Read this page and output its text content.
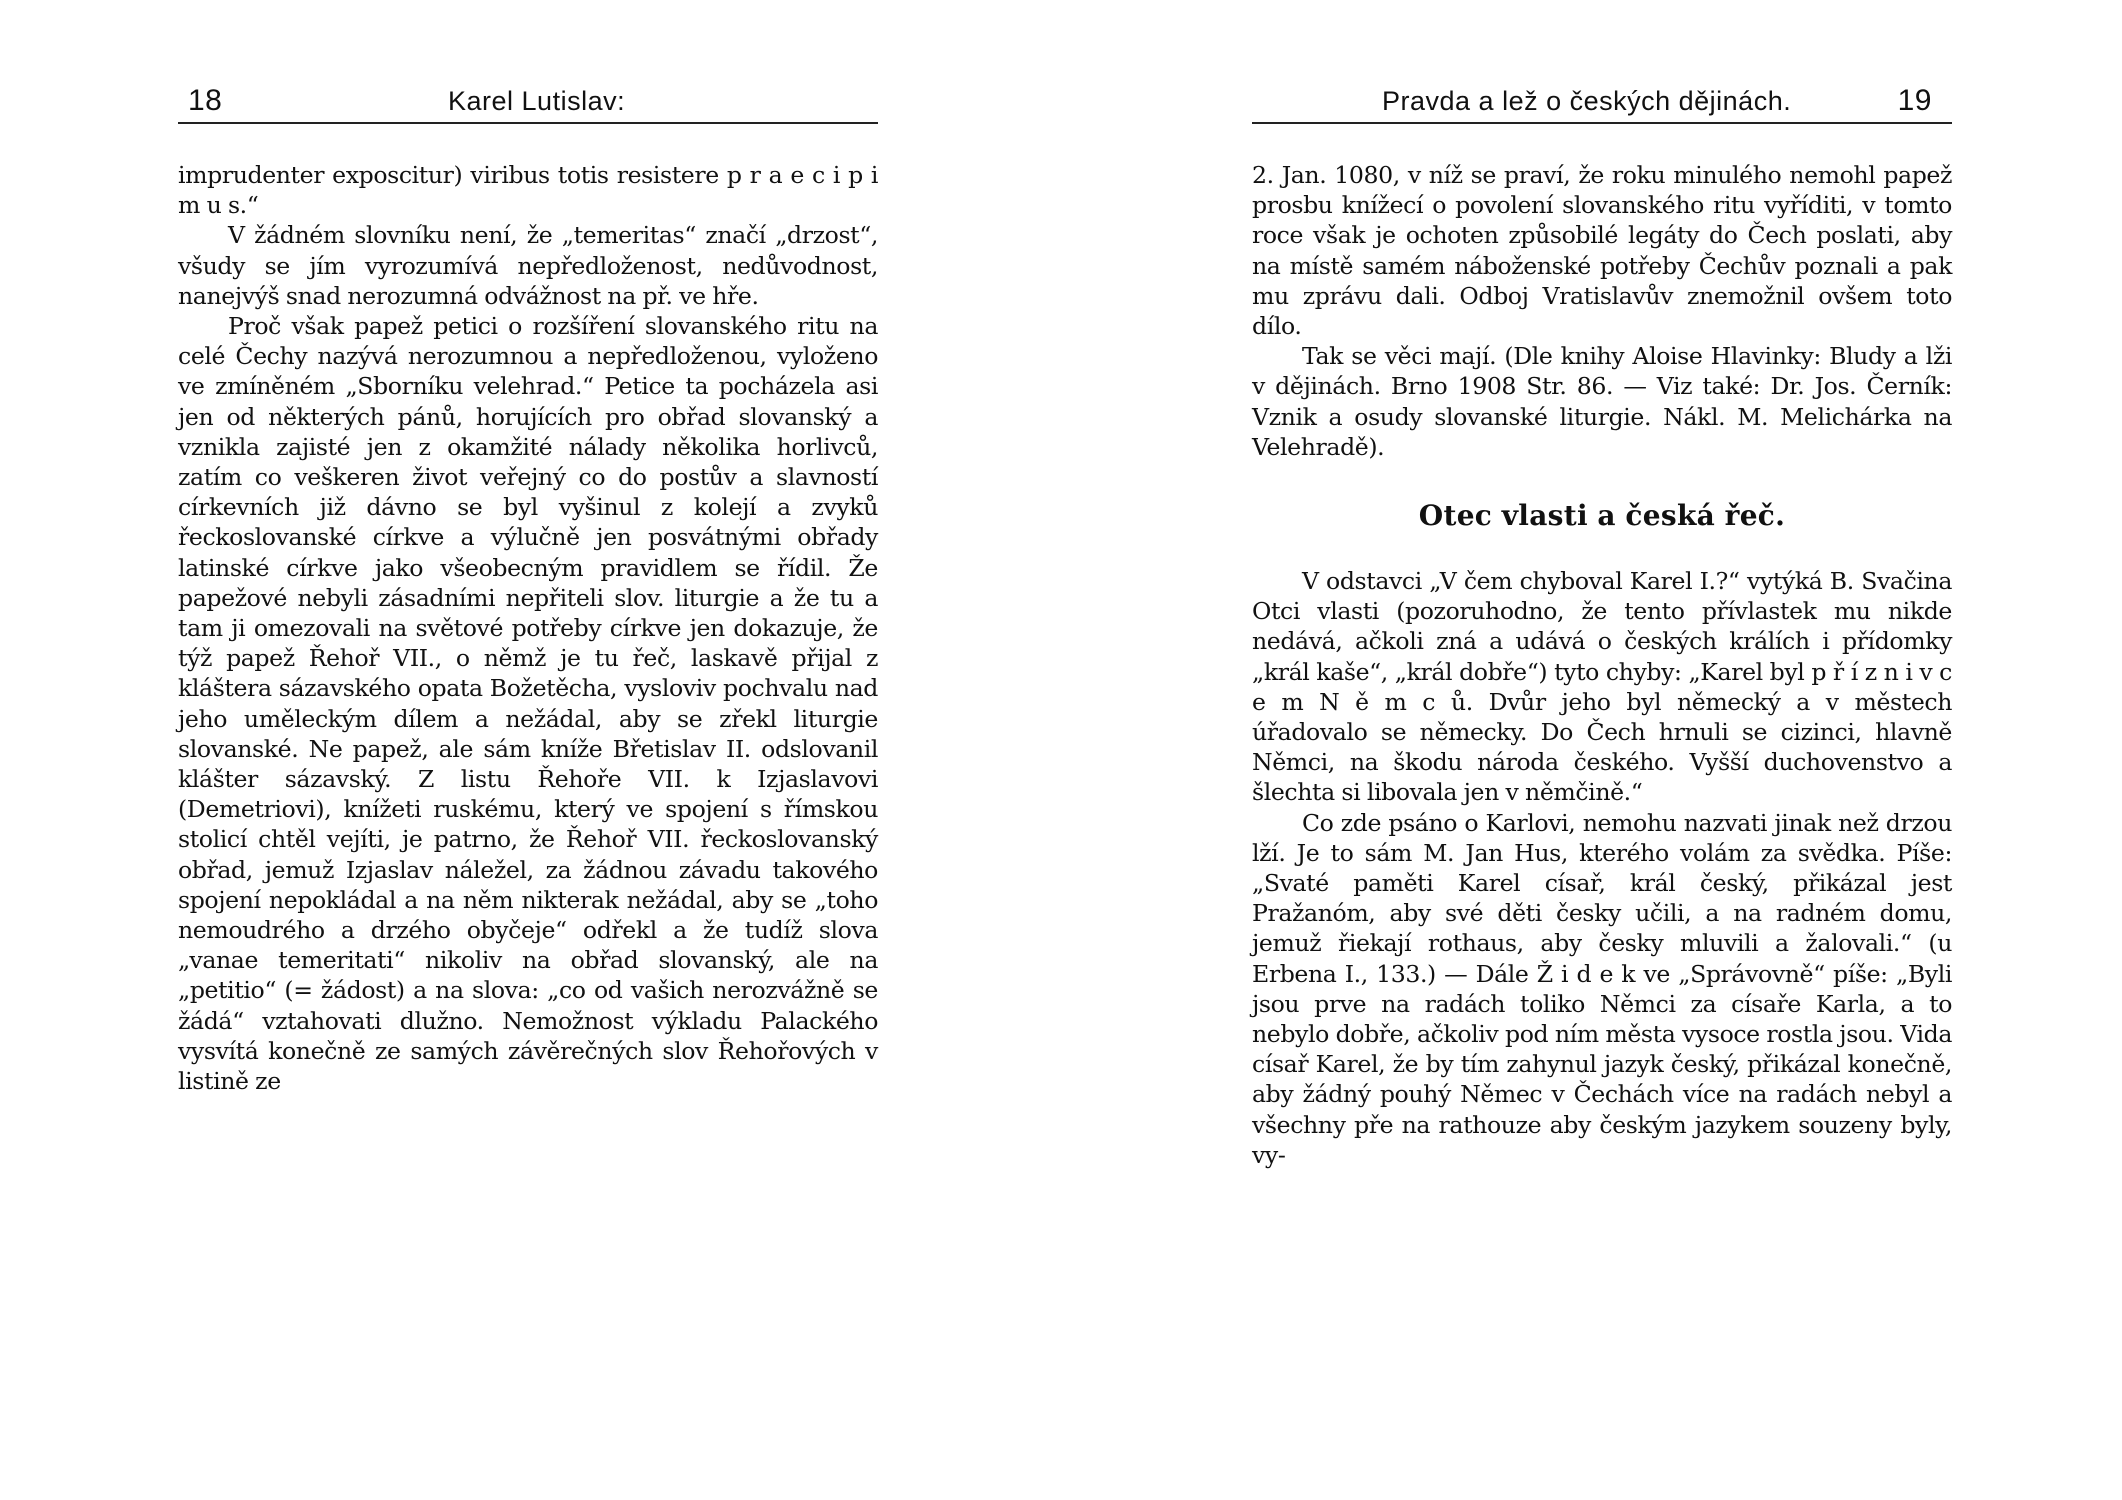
18	Karel Lutislav:

imprudenter exposcitur) viribus totis resistere p r a e c i p i m u s.“

V žádném slovníku není, že „temeritas“ značí „drzost“, všudy se jím vyrozumívá nepředloženost, nedůvodnost, nanejvýš snad nerozumná odvážnost na př. ve hře.

Proč však papež petici o rozšíření slovanského ritu na celé Čechy nazývá nerozumnou a nepředloženou, vyloženo ve zmíněném „Sborníku velehrad.“ Petice ta pocházela asi jen od některých pánů, horujících pro obřad slovanský a vznikla zajisté jen z okamžité nálady několika horlivců, zatím co veškeren život veřejný co do postův a slavností církevních již dávno se byl vyšinul z kolejí a zvyků řeckoslovanské církve a výlučně jen posvátnými obřady latinské církve jako všeobecným pravidlem se řídil. Že papežové nebyli zásadními nepřiteli slov. liturgie a že tu a tam ji omezovali na světové potřeby církve jen dokazuje, že týž papež Řehoř VII., o němž je tu řeč, laskavě přijal z kláštera sázavského opata Božetěcha, vysloviv pochvalu nad jeho uměleckým dílem a nežádal, aby se zřekl liturgie slovanské. Ne papež, ale sám kníže Břetislav II. odslovanil klášter sázavský. Z listu Řehoře VII. k Izjaslavovi (Demetriovi), knížeti ruskému, který ve spojení s římskou stolicí chtěl vejíti, je patrno, že Řehoř VII. řeckoslovanský obřad, jemuž Izjaslav náležel, za žádnou závadu takového spojení nepokládal a na něm nikterak nežádal, aby se „toho nemoudrého a drzého obyčeje“ odřekl a že tudíž slova „vanae temeritati“ nikoliv na obřad slovanský, ale na „petitio“ (= žádost) a na slova: „co od vašich nerozvážně se žádá“ vztahovati dlužno. Nemožnost výkladu Palackého vysvítá konečně ze samých závěrečných slov Řehořových v listině ze

Pravda a lež o českých dějinách.	19

2. Jan. 1080, v níž se praví, že roku minulého nemohl papež prosbu knížecí o povolení slovanského ritu vyříditi, v tomto roce však je ochoten způsobilé legáty do Čech poslati, aby na místě samém náboženské potřeby Čechův poznali a pak mu zprávu dali. Odboj Vratislavův znemožnil ovšem toto dílo.

Tak se věci mají. (Dle knihy Aloise Hlavinky: Bludy a lži v dějinách. Brno 1908 Str. 86. — Viz také: Dr. Jos. Černík: Vznik a osudy slovanské liturgie. Nákl. M. Melichárka na Velehradě).

Otec vlasti a česká řeč.

V odstavci „V čem chyboval Karel I.?“ vytýká B. Svačina Otci vlasti (pozoruhodno, že tento přívlastek mu nikde nedává, ačkoli zná a udává o českých králích i přídomky „král kaše“, „král dobře“) tyto chyby: „Karel byl p ř í z n i v c e m N ě m c ů. Dvůr jeho byl německý a v městech úřadovalo se německy. Do Čech hrnuli se cizinci, hlavně Němci, na škodu národa českého. Vyšší duchovenstvo a šlechta si libovala jen v němčině.“

Co zde psáno o Karlovi, nemohu nazvati jinak než drzou lží. Je to sám M. Jan Hus, kterého volám za svědka. Píše: „Svaté paměti Karel císař, král český, přikázal jest Pražanóm, aby své děti česky učili, a na radném domu, jemuž řiekají rothaus, aby česky mluvili a žalovali.“ (u Erbena I., 133.) — Dále Ž i d e k ve „Správovně“ píše: „Byli jsou prve na radách toliko Němci za císaře Karla, a to nebylo dobře, ačkoliv pod ním města vysoce rostla jsou. Vida císař Karel, že by tím zahynul jazyk český, přikázal konečně, aby žádný pouhý Němec v Čechách více na radách nebyl a všechny pře na rathouze aby českým jazykem souzeny byly, vy-
